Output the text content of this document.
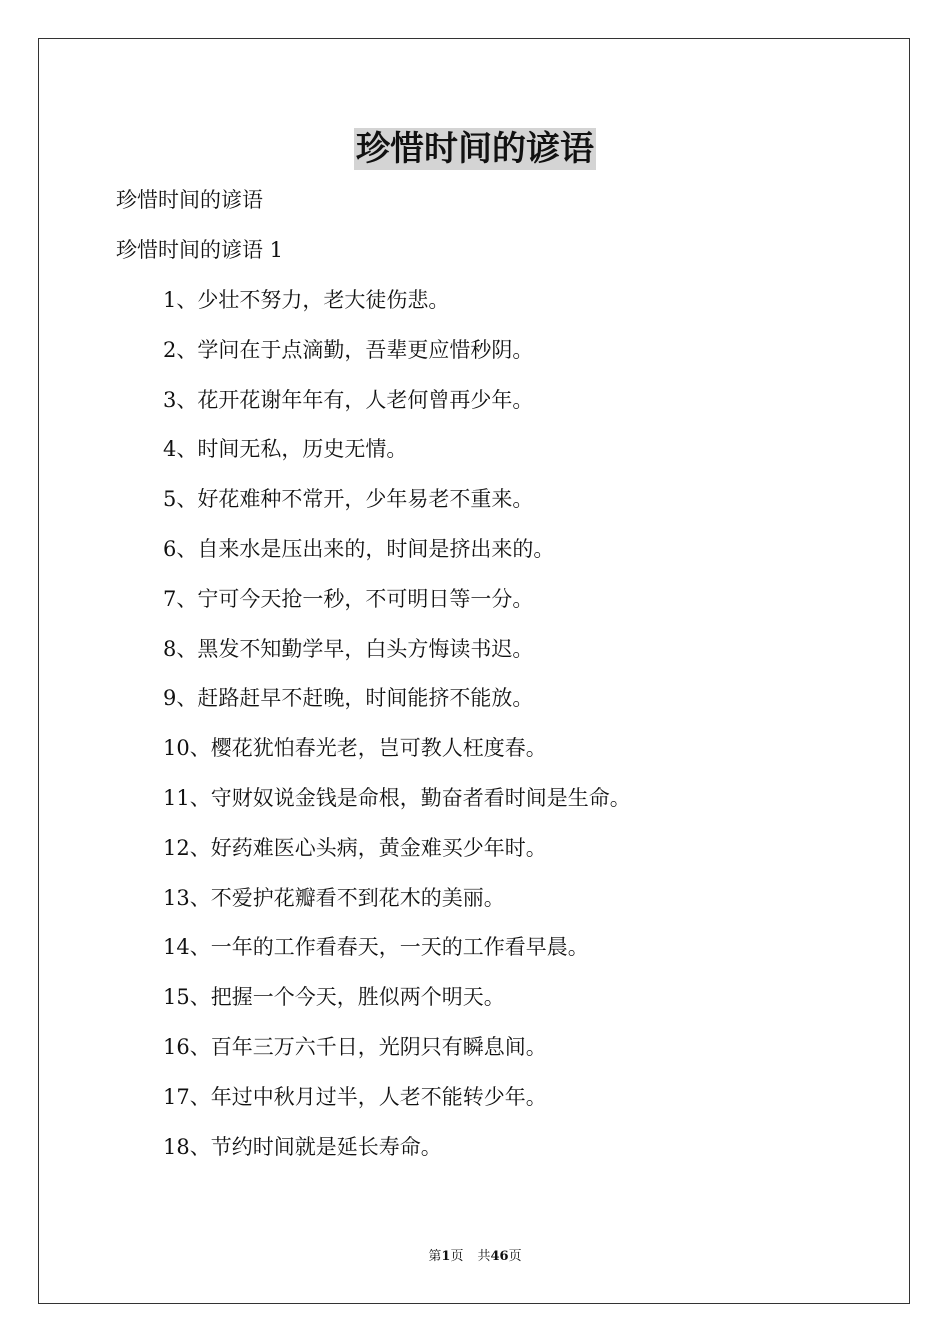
珍惜时间的谚语
珍惜时间的谚语
珍惜时间的谚语 1
1、少壮不努力，老大徒伤悲。
2、学问在于点滴勤，吾辈更应惜秒阴。
3、花开花谢年年有，人老何曾再少年。
4、时间无私，历史无情。
5、好花难种不常开，少年易老不重来。
6、自来水是压出来的，时间是挤出来的。
7、宁可今天抢一秒，不可明日等一分。
8、黑发不知勤学早，白头方悔读书迟。
9、赶路赶早不赶晚，时间能挤不能放。
10、樱花犹怕春光老，岂可教人枉度春。
11、守财奴说金钱是命根，勤奋者看时间是生命。
12、好药难医心头病，黄金难买少年时。
13、不爱护花瓣看不到花木的美丽。
14、一年的工作看春天，一天的工作看早晨。
15、把握一个今天，胜似两个明天。
16、百年三万六千日，光阴只有瞬息间。
17、年过中秋月过半，人老不能转少年。
18、节约时间就是延长寿命。
第1页 共46页
